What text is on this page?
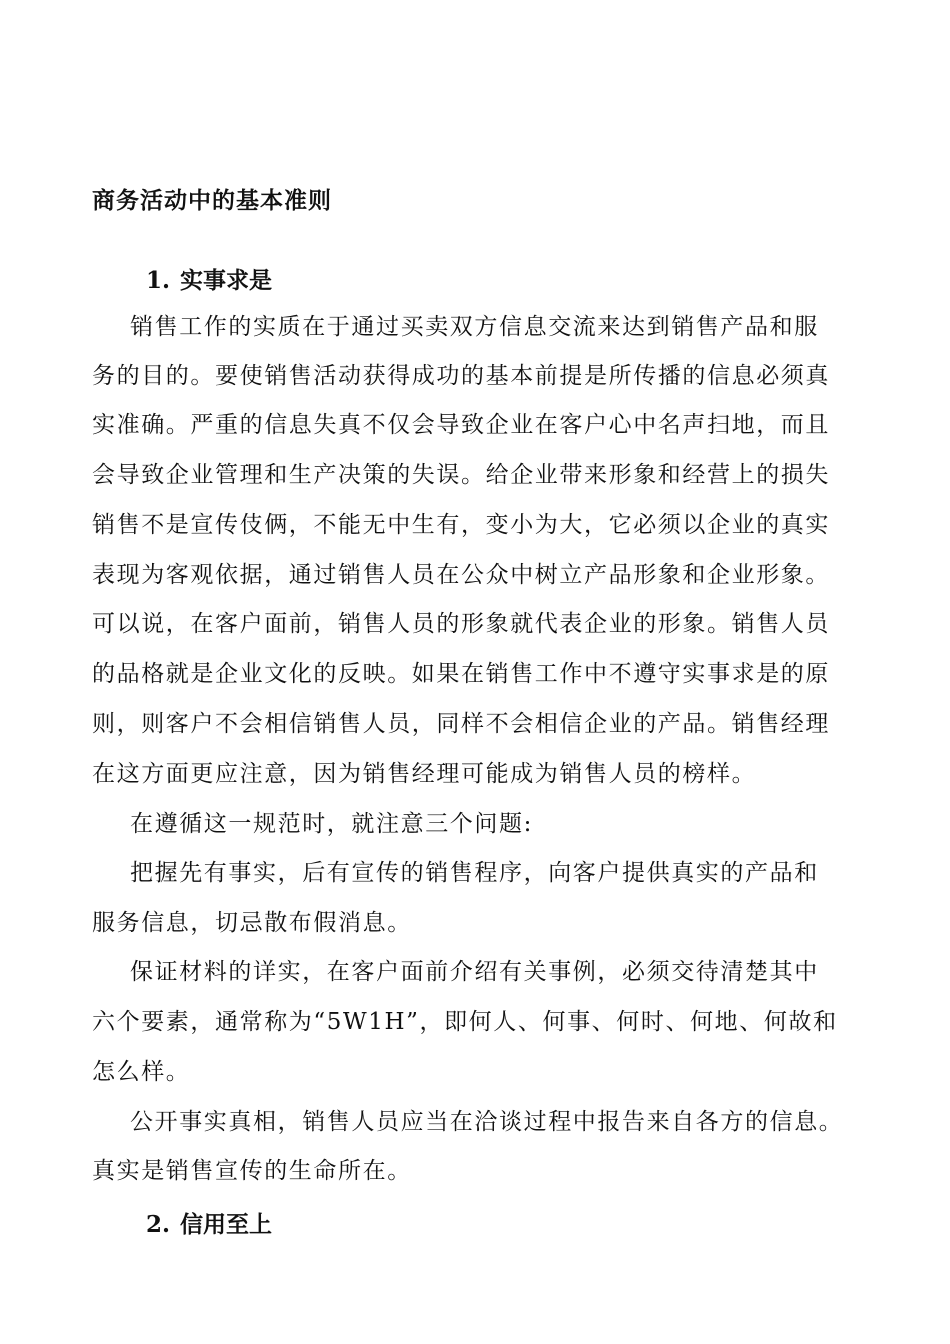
商务活动中的基本准则
1. 实事求是
销售工作的实质在于通过买卖双方信息交流来达到销售产品和服
务的目的。要使销售活动获得成功的基本前提是所传播的信息必须真
实准确。严重的信息失真不仅会导致企业在客户心中名声扫地，而且
会导致企业管理和生产决策的失误。给企业带来形象和经营上的损失
销售不是宣传伎俩，不能无中生有，变小为大，它必须以企业的真实
表现为客观依据，通过销售人员在公众中树立产品形象和企业形象。
可以说，在客户面前，销售人员的形象就代表企业的形象。销售人员
的品格就是企业文化的反映。如果在销售工作中不遵守实事求是的原
则，则客户不会相信销售人员，同样不会相信企业的产品。销售经理
在这方面更应注意，因为销售经理可能成为销售人员的榜样。
在遵循这一规范时，就注意三个问题:
把握先有事实，后有宣传的销售程序，向客户提供真实的产品和
服务信息，切忌散布假消息。
保证材料的详实，在客户面前介绍有关事例，必须交待清楚其中
六个要素，通常称为“5W1H”，即何人、何事、何时、何地、何故和
怎么样。
公开事实真相，销售人员应当在洽谈过程中报告来自各方的信息。
真实是销售宣传的生命所在。
2. 信用至上
